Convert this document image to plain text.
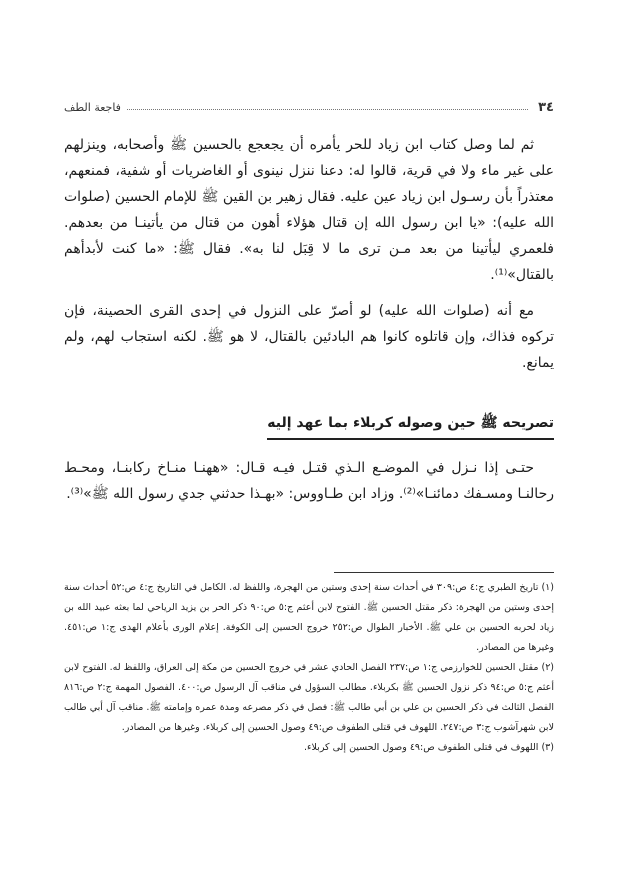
٣٤
فاجعة الطف

ثم لما وصل كتاب ابن زياد للحر يأمره أن يجعجع بالحسين ﷺ وأصحابه، وينزلهم على غير ماء ولا في قرية، قالوا له: دعنا ننزل نينوى أو الغاضريات أو شفية، فمنعهم، معتذراً بأن رسـول ابن زياد عين عليه. فقال زهير بن القين ﷺ للإمام الحسين (صلوات الله عليه): «يا ابن رسول الله إن قتال هؤلاء أهون من قتال من يأتينـا من بعدهم. فلعمري ليأتينا من بعد مـن ترى ما لا قِبَل لنا به». فقال ﷺ: «ما كنت لأبدأهم بالقتال»⁽¹⁾.

مع أنه (صلوات الله عليه) لو أصرّ على النزول في إحدى القرى الحصينة، فإن تركوه فذاك، وإن قاتلوه كانوا هم البادئين بالقتال، لا هو ﷺ. لكنه استجاب لهم، ولم يمانع.

تصريحه ﷺ حين وصوله كربلاء بما عهد إليه

حتـى إذا نـزل في الموضـع الـذي قتـل فيـه قـال: «ههنـا منـاخ ركابنـا، ومحـط رحالنـا ومسـفك دمائنـا»⁽²⁾. وزاد ابن طـاووس: «بهـذا حدثني جدي رسول الله ﷺ»⁽³⁾.

(١) تاريخ الطبري ج:٤ ص:٣٠٩ في أحداث سنة إحدى وستين من الهجرة، واللفظ له. الكامل في التاريخ ج:٤ ص:٥٢ أحداث سنة إحدى وستين من الهجرة: ذكر مقتل الحسين ﷺ. الفتوح لابن أعثم ج:٥ ص:٩٠ ذكر الحر بن يزيد الرياحي لما بعثه عبيد الله بن زياد لحربه الحسين بن علي ﷺ. الأخبار الطوال ص:٢٥٢ خروج الحسين إلى الكوفة. إعلام الورى بأعلام الهدى ج:١ ص:٤٥١. وغيرها من المصادر.

(٢) مقتل الحسين للخوارزمي ج:١ ص:٢٣٧ الفصل الحادي عشر في خروج الحسين من مكة إلى العراق، واللفظ له. الفتوح لابن أعثم ج:٥ ص:٩٤ ذكر نزول الحسين ﷺ بكربلاء. مطالب السؤول في مناقب آل الرسول ص:٤٠٠. الفصول المهمة ج:٢ ص:٨١٦ الفصل الثالث في ذكر الحسين بن علي بن أبي طالب ﷺ: فصل في ذكر مصرعه ومدة عمره وإمامته ﷺ. مناقب آل أبي طالب لابن شهرآشوب ج:٣ ص:٢٤٧. اللهوف في قتلى الطفوف ص:٤٩ وصول الحسين إلى كربلاء. وغيرها من المصادر.

(٣) اللهوف في قتلى الطفوف ص:٤٩ وصول الحسين إلى كربلاء.
